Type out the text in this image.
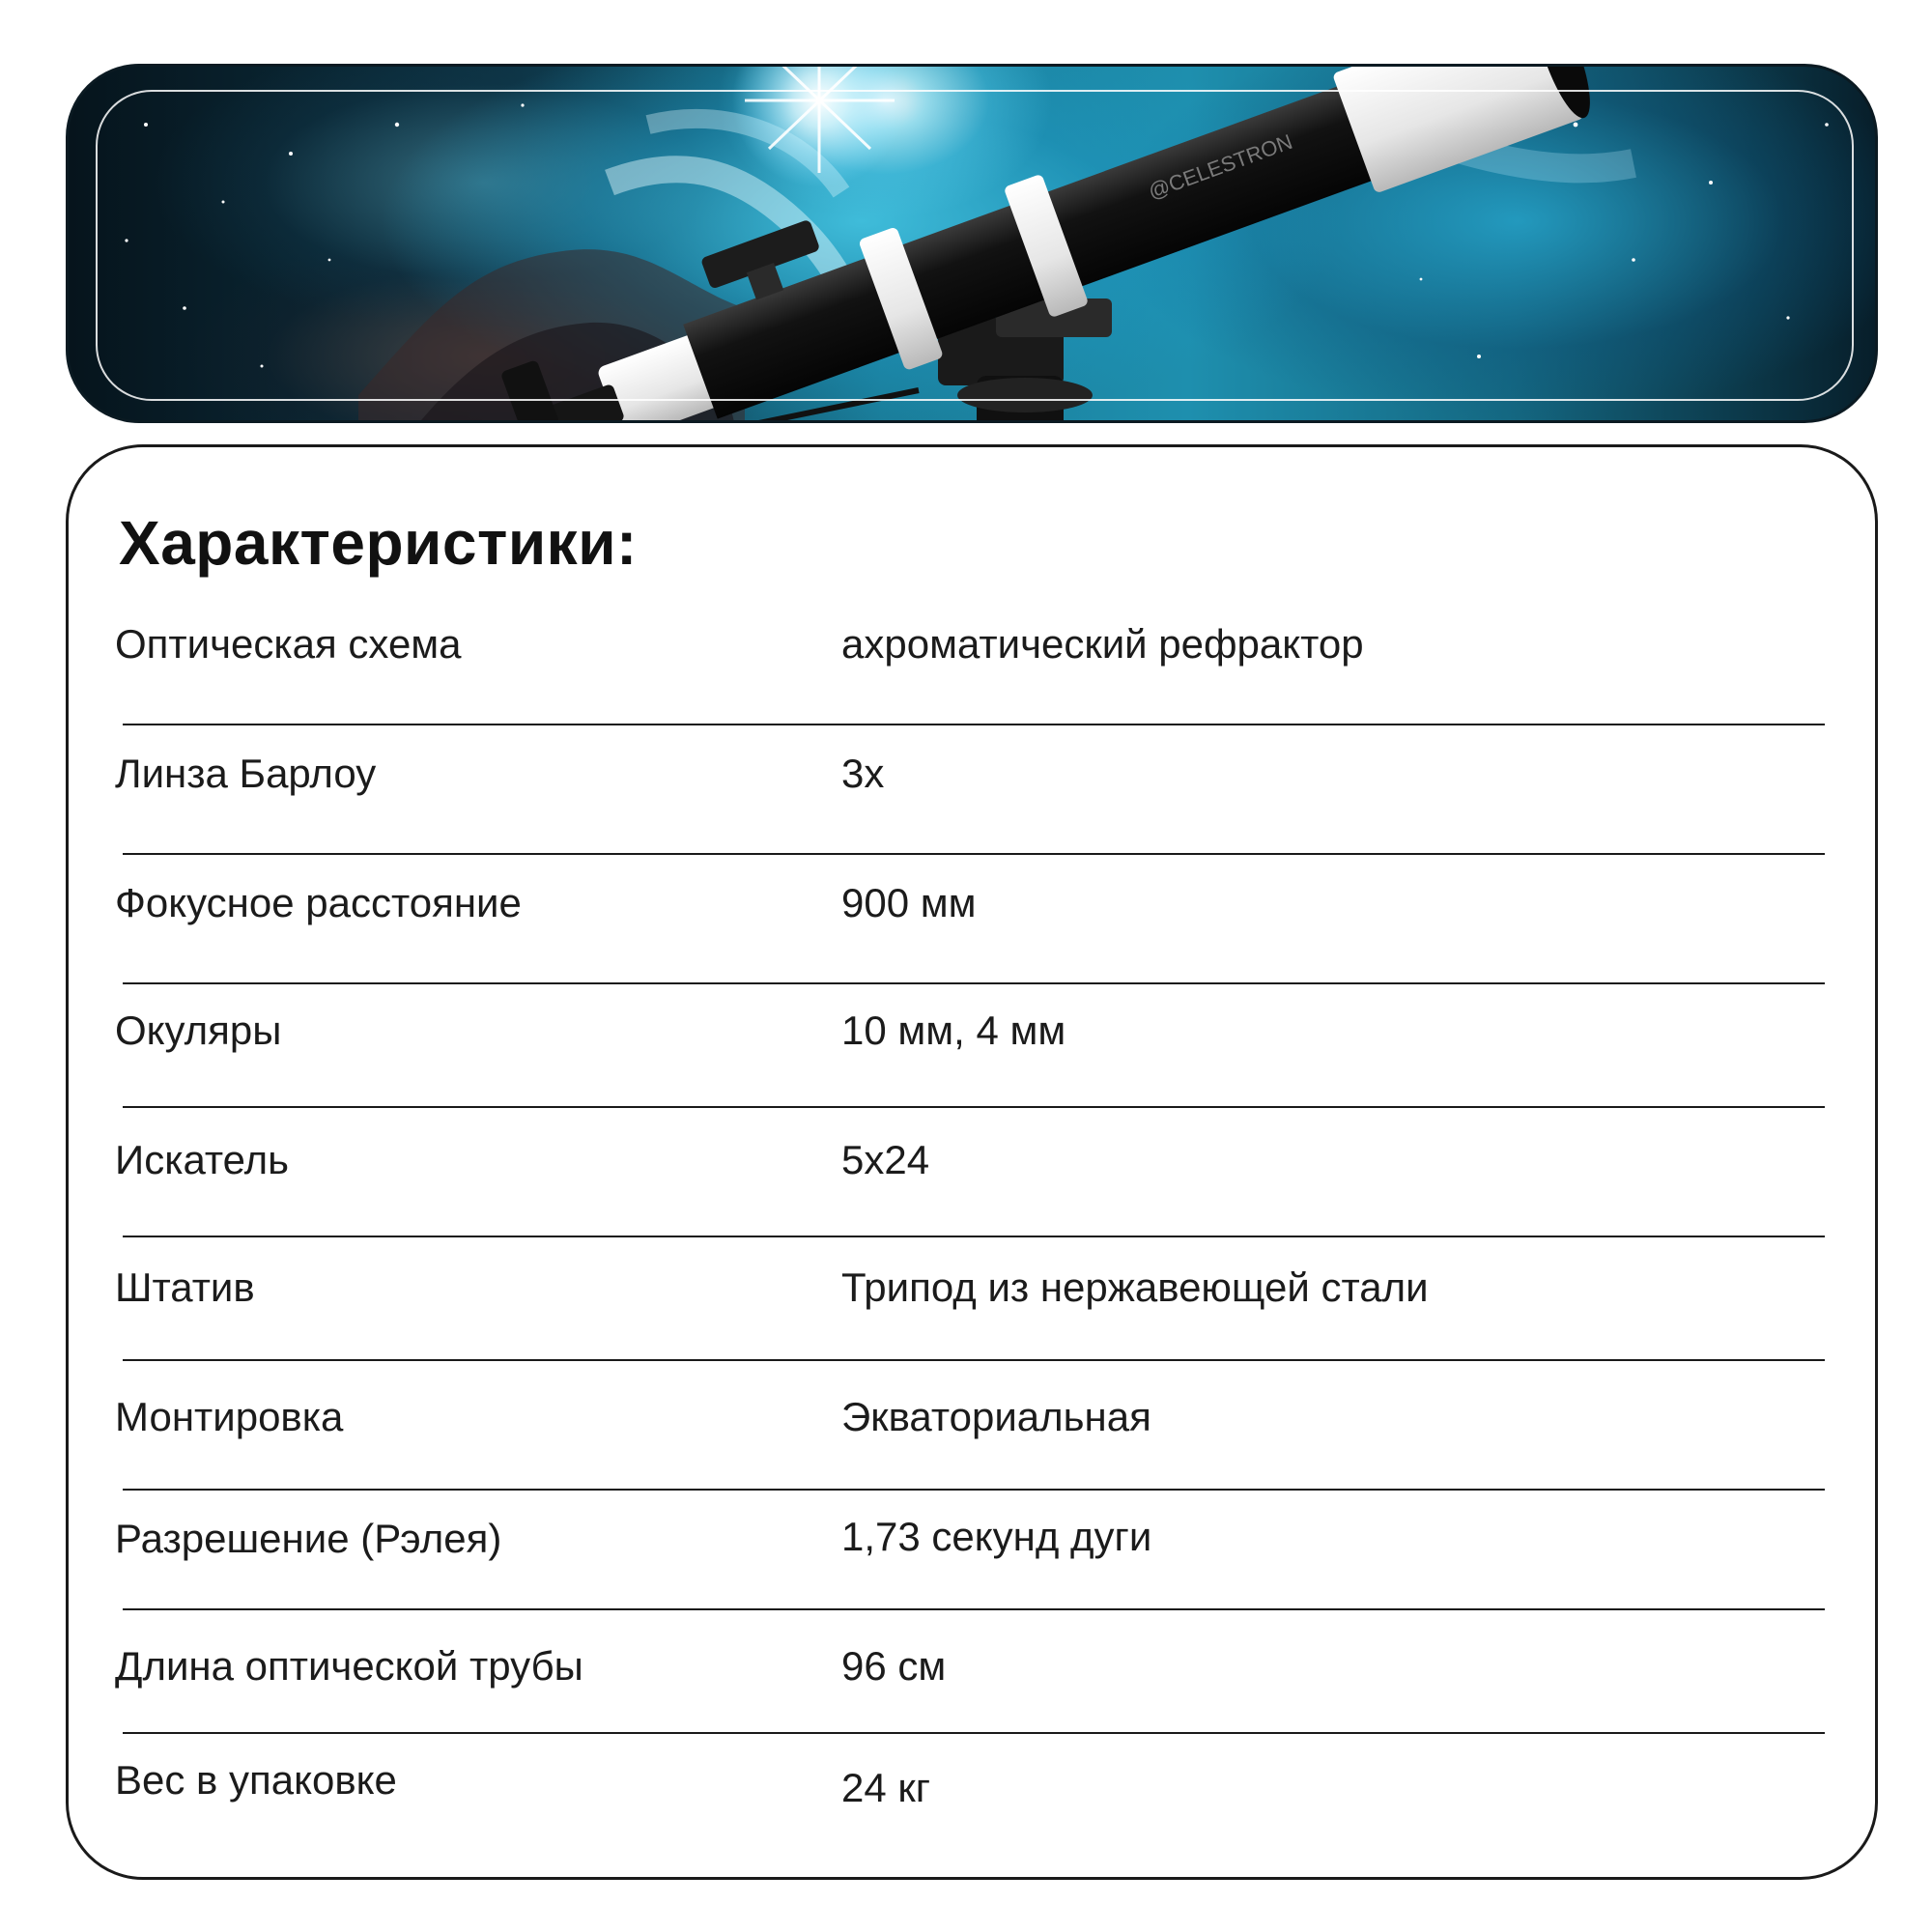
@CELESTRON
Характеристики:
Оптическая схема	ахроматический рефрактор
Линза Барлоу	3х
Фокусное расстояние	900 мм
Окуляры	10 мм, 4 мм
Искатель	5х24
Штатив	Трипод из нержавеющей стали
Монтировка	Экваториальная
Разрешение (Рэлея)	1,73 секунд дуги
Длина оптической трубы	96 см
Вес в упаковке	24 кг
